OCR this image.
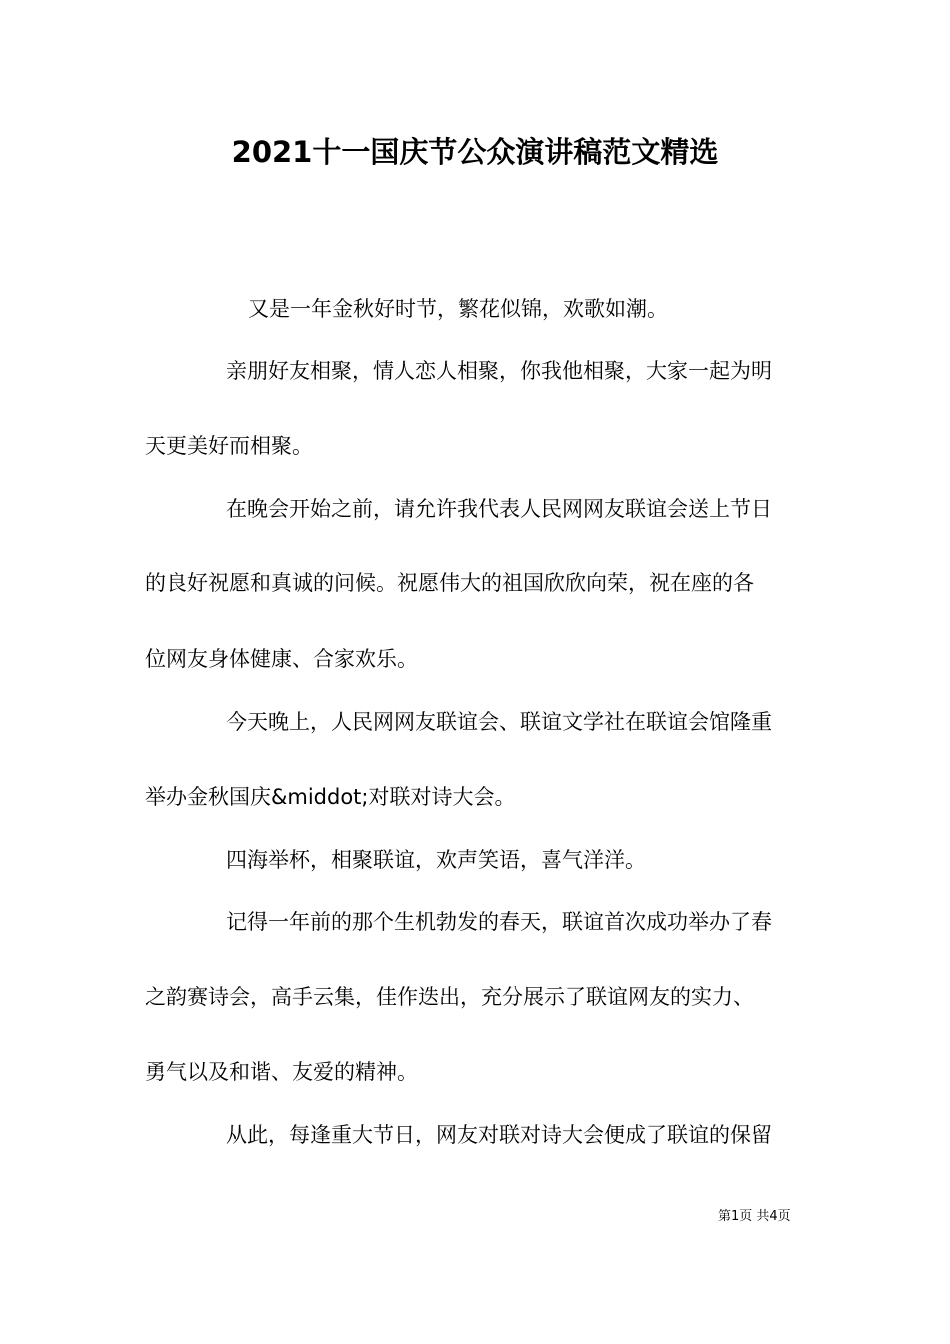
2021十一国庆节公众演讲稿范文精选
又是一年金秋好时节，繁花似锦，欢歌如潮。
亲朋好友相聚，情人恋人相聚，你我他相聚，大家一起为明
天更美好而相聚。
在晚会开始之前，请允许我代表人民网网友联谊会送上节日
的良好祝愿和真诚的问候。祝愿伟大的祖国欣欣向荣，祝在座的各
位网友身体健康、合家欢乐。
今天晚上，人民网网友联谊会、联谊文学社在联谊会馆隆重
举办金秋国庆&middot;对联对诗大会。
四海举杯，相聚联谊，欢声笑语，喜气洋洋。
记得一年前的那个生机勃发的春天，联谊首次成功举办了春
之韵赛诗会，高手云集，佳作迭出，充分展示了联谊网友的实力、
勇气以及和谐、友爱的精神。
从此，每逢重大节日，网友对联对诗大会便成了联谊的保留
第1页 共4页
